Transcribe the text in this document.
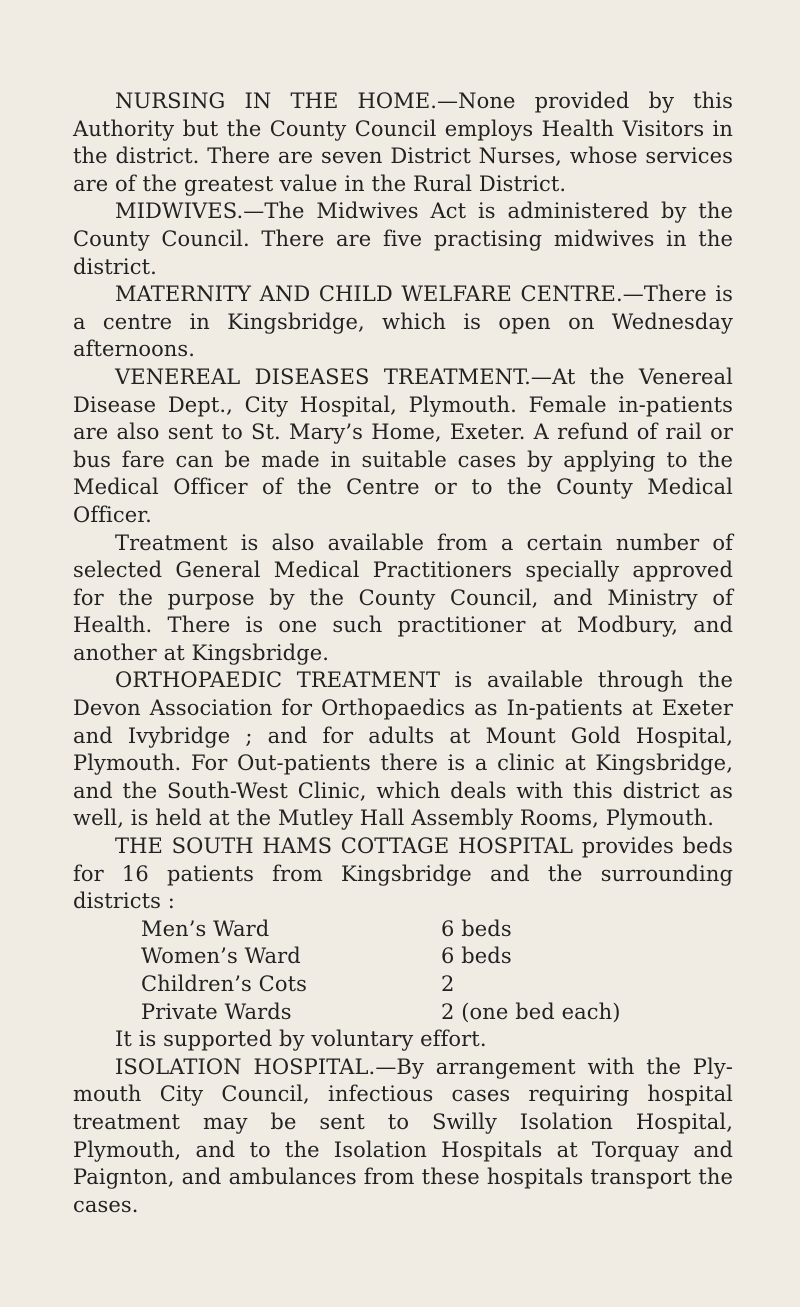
NURSING IN THE HOME.—None provided by this Authority but the County Council employs Health Visitors in the district. There are seven District Nurses, whose services are of the greatest value in the Rural District.

MIDWIVES.—The Midwives Act is administered by the County Council. There are five practising midwives in the district.

MATERNITY AND CHILD WELFARE CENTRE.—There is a centre in Kingsbridge, which is open on Wednesday afternoons.

VENEREAL DISEASES TREATMENT.—At the Venereal Disease Dept., City Hospital, Plymouth. Female in-patients are also sent to St. Mary’s Home, Exeter. A refund of rail or bus fare can be made in suitable cases by applying to the Medical Officer of the Centre or to the County Medical Officer.

Treatment is also available from a certain number of selected General Medical Practitioners specially approved for the purpose by the County Council, and Ministry of Health. There is one such practitioner at Modbury, and another at Kingsbridge.

ORTHOPAEDIC TREATMENT is available through the Devon Association for Orthopaedics as In-patients at Exeter and Ivybridge ; and for adults at Mount Gold Hospital, Plymouth. For Out-patients there is a clinic at Kingsbridge, and the South-West Clinic, which deals with this district as well, is held at the Mutley Hall Assembly Rooms, Plymouth.

THE SOUTH HAMS COTTAGE HOSPITAL provides beds for 16 patients from Kingsbridge and the surrounding districts :

Men’s Ward	6 beds
Women’s Ward	6 beds
Children’s Cots	2
Private Wards	2 (one bed each)

It is supported by voluntary effort.

ISOLATION HOSPITAL.—By arrangement with the Ply-mouth City Council, infectious cases requiring hospital treatment may be sent to Swilly Isolation Hospital, Plymouth, and to the Isolation Hospitals at Torquay and Paignton, and ambulances from these hospitals transport the cases.
